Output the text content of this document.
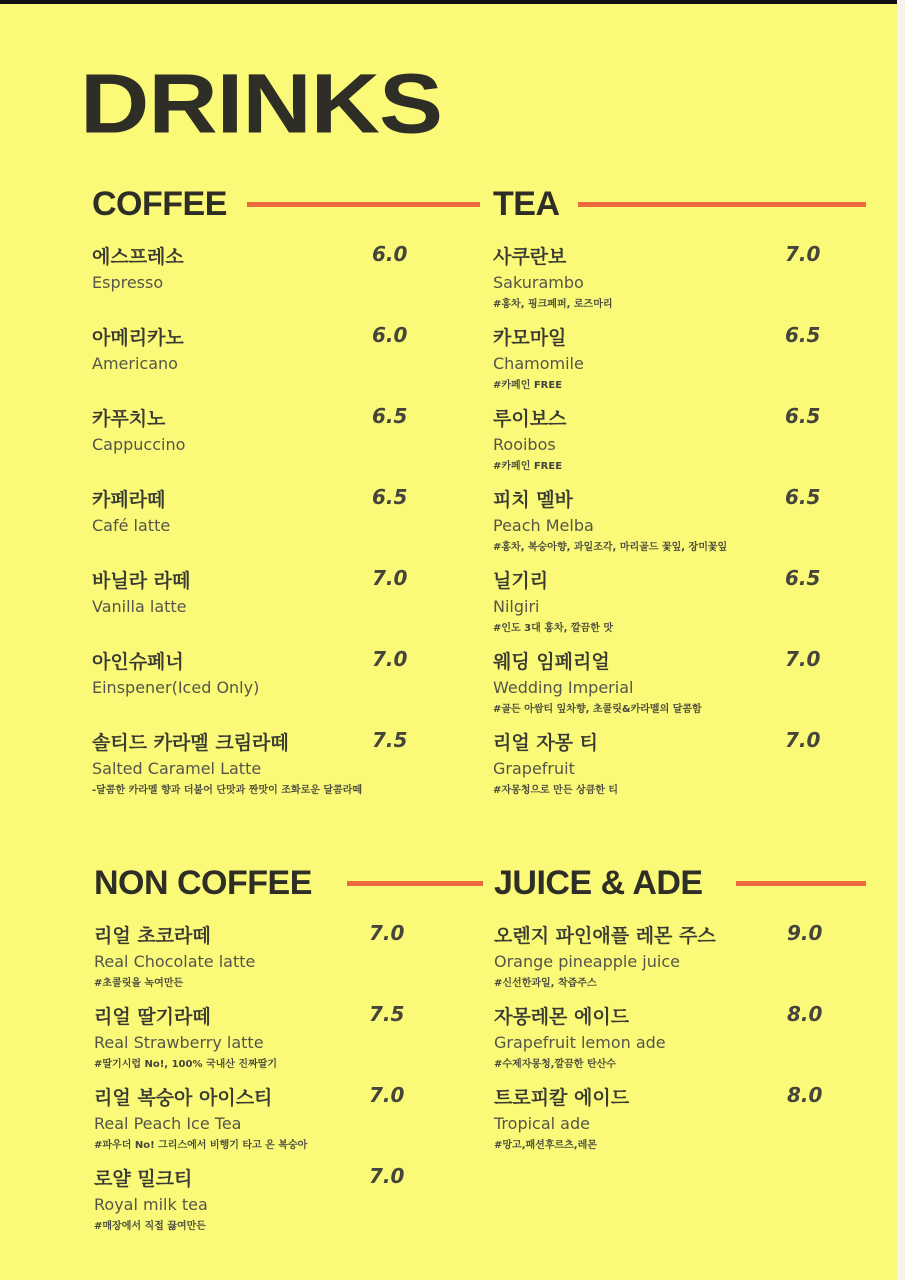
DRINKS
COFFEE
에스프레소	6.0
Espresso
아메리카노	6.0
Americano
카푸치노	6.5
Cappuccino
카페라떼	6.5
Café latte
바닐라 라떼	7.0
Vanilla latte
아인슈페너	7.0
Einspener(Iced Only)
솔티드 카라멜 크림라떼	7.5
Salted Caramel Latte
-달콤한 카라멜 향과 더불어 단맛과 짠맛이 조화로운 달콤라떼
TEA
사쿠란보	7.0
Sakurambo
#홍차, 핑크페퍼, 로즈마리
카모마일	6.5
Chamomile
#카페인 FREE
루이보스	6.5
Rooibos
#카페인 FREE
피치 멜바	6.5
Peach Melba
#홍차, 복숭아향, 과일조각, 마리골드 꽃잎, 장미꽃잎
닐기리	6.5
Nilgiri
#인도 3대 홍차, 깔끔한 맛
웨딩 임페리얼	7.0
Wedding Imperial
#골든 아쌈티 잎차향, 초콜릿&카라멜의 달콤함
리얼 자몽 티	7.0
Grapefruit
#자몽청으로 만든 상큼한 티
NON COFFEE
리얼 초코라떼	7.0
Real Chocolate latte
#초콜릿을 녹여만든
리얼 딸기라떼	7.5
Real Strawberry latte
#딸기시럽 No!, 100% 국내산 진짜딸기
리얼 복숭아 아이스티	7.0
Real Peach Ice Tea
#파우더 No! 그리스에서 비행기 타고 온 복숭아
로얄 밀크티	7.0
Royal milk tea
#매장에서 직접 끓여만든
JUICE & ADE
오렌지 파인애플 레몬 주스	9.0
Orange pineapple juice
#신선한과일, 착즙주스
자몽레몬 에이드	8.0
Grapefruit lemon ade
#수제자몽청,깔끔한 탄산수
트로피칼 에이드	8.0
Tropical ade
#망고,패션후르츠,레몬
